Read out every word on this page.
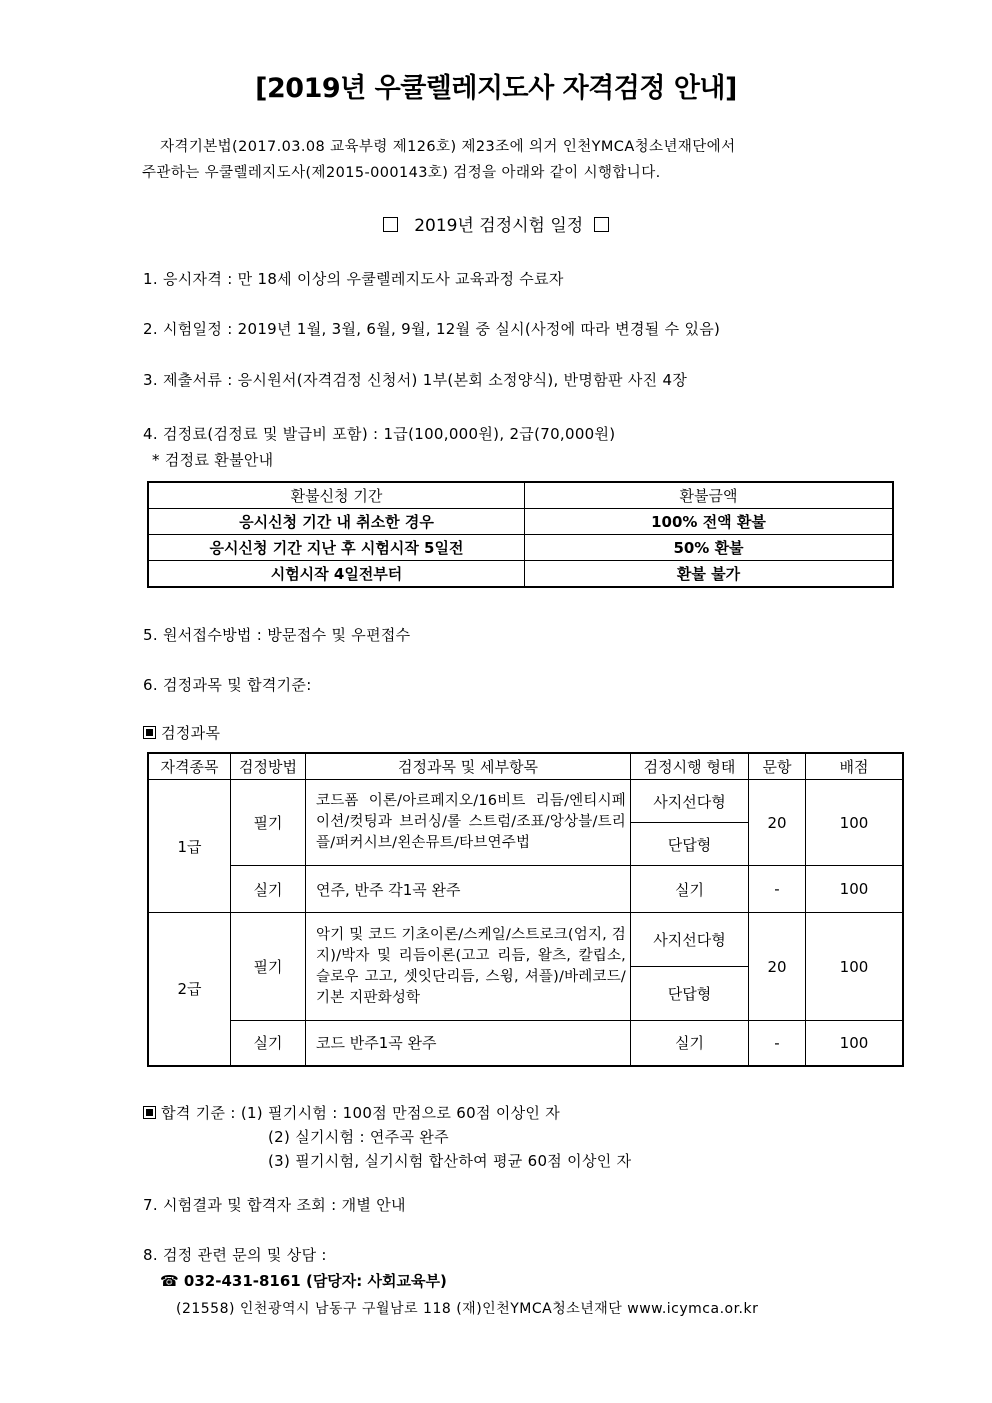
[2019년 우쿨렐레지도사 자격검정 안내]
자격기본법(2017.03.08 교육부령 제126호) 제23조에 의거 인천YMCA청소년재단에서
주관하는 우쿨렐레지도사(제2015-000143호) 검정을 아래와 같이 시행합니다.
2019년 검정시험 일정
1. 응시자격 : 만 18세 이상의 우쿨렐레지도사 교육과정 수료자
2. 시험일정 : 2019년 1월, 3월, 6월, 9월, 12월 중 실시(사정에 따라 변경될 수 있음)
3. 제출서류 : 응시원서(자격검정 신청서) 1부(본회 소정양식), 반명함판 사진 4장
4. 검정료(검정료 및 발급비 포함) : 1급(100,000원), 2급(70,000원)
* 검정료 환불안내
환불신청 기간	환불금액
응시신청 기간 내 취소한 경우	100% 전액 환불
응시신청 기간 지난 후 시험시작 5일전	50% 환불
시험시작 4일전부터	환불 불가
5. 원서접수방법 : 방문접수 및 우편접수
6. 검정과목 및 합격기준:
검정과목
자격종목	검정방법	검정과목 및 세부항목	검정시행 형태	문항	배점
1급	필기	코드폼 이론/아르페지오/16비트 리듬/엔티시페이션/컷팅과 브러싱/롤 스트럼/조표/앙상블/트리플/퍼커시브/왼손뮤트/타브연주법	사지선다형	20	100
			단답형		
	실기	연주, 반주 각1곡 완주	실기	-	100
2급	필기	악기 및 코드 기초이론/스케일/스트로크(엄지, 검지)/박자 및 리듬이론(고고 리듬, 왈츠, 칼립소, 슬로우 고고, 셋잇단리듬, 스윙, 셔플)/바레코드/기본 지판화성학	사지선다형	20	100
			단답형		
	실기	코드 반주1곡 완주	실기	-	100
합격 기준 : (1) 필기시험 : 100점 만점으로 60점 이상인 자
(2) 실기시험 : 연주곡 완주
(3) 필기시험, 실기시험 합산하여 평균 60점 이상인 자
7. 시험결과 및 합격자 조회 : 개별 안내
8. 검정 관련 문의 및 상담 :
☎ 032-431-8161 (담당자: 사회교육부)
(21558) 인천광역시 남동구 구월남로 118 (재)인천YMCA청소년재단 www.icymca.or.kr
